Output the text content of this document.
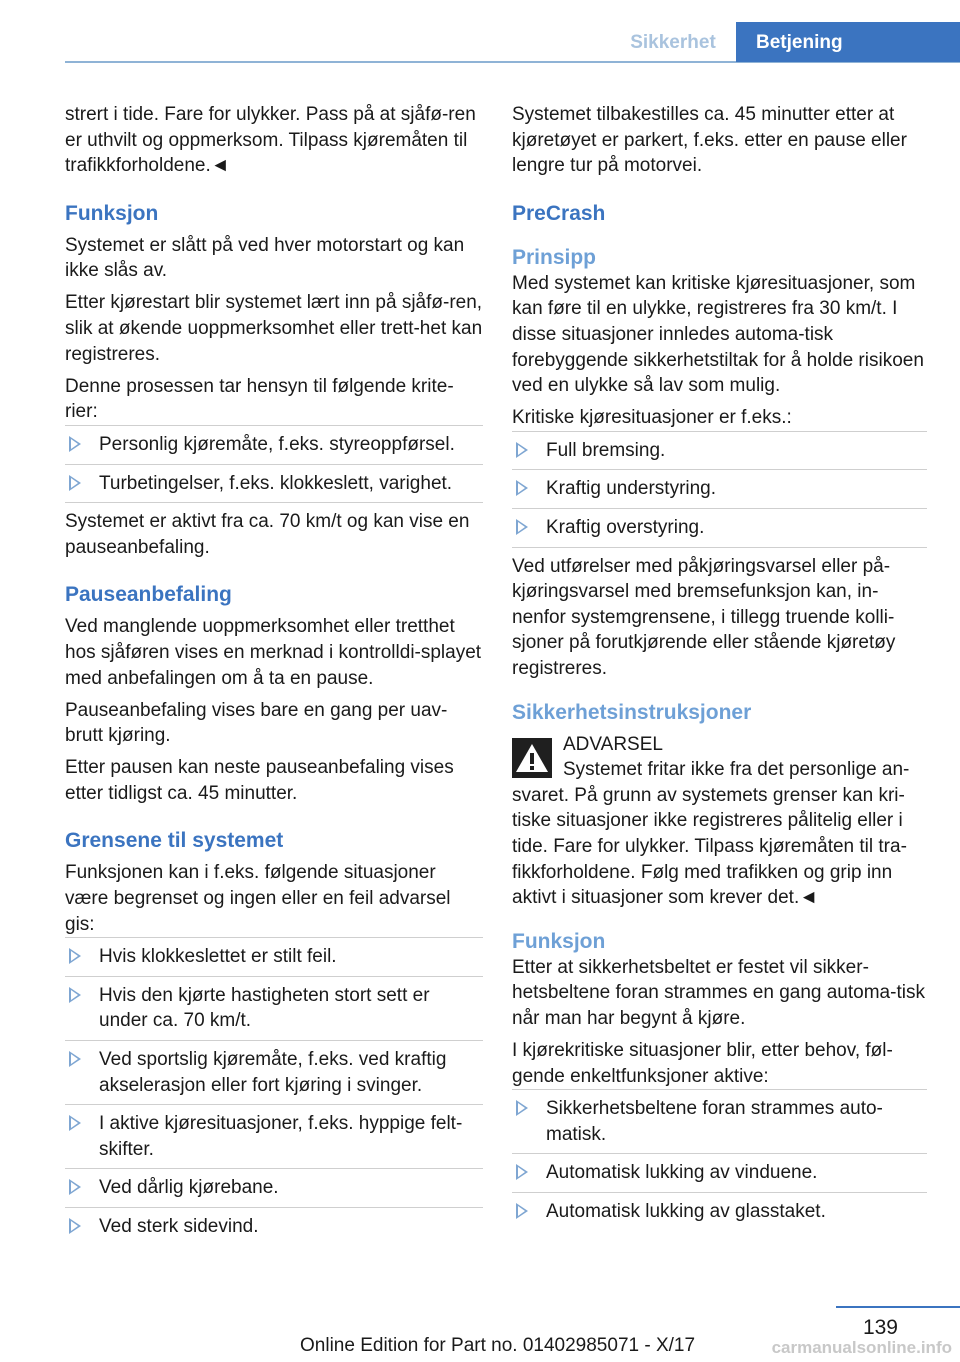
Sikkerhet	Betjening

strert i tide. Fare for ulykker. Pass på at sjåfø-ren er uthvilt og oppmerksom. Tilpass kjøremåten til trafikkforholdene.◄

Funksjon

Systemet er slått på ved hver motorstart og kan ikke slås av.

Etter kjørestart blir systemet lært inn på sjåfø-ren, slik at økende uoppmerksomhet eller trett-het kan registreres.

Denne prosessen tar hensyn til følgende krite-rier:

Personlig kjøremåte, f.eks. styreoppførsel.
Turbetingelser, f.eks. klokkeslett, varighet.

Systemet er aktivt fra ca. 70 km/t og kan vise en pauseanbefaling.

Pauseanbefaling

Ved manglende uoppmerksomhet eller tretthet hos sjåføren vises en merknad i kontrolldi-splayet med anbefalingen om å ta en pause.

Pauseanbefaling vises bare en gang per uav-brutt kjøring.

Etter pausen kan neste pauseanbefaling vises etter tidligst ca. 45 minutter.

Grensene til systemet

Funksjonen kan i f.eks. følgende situasjoner være begrenset og ingen eller en feil advarsel gis:

Hvis klokkeslettet er stilt feil.
Hvis den kjørte hastigheten stort sett er under ca. 70 km/t.
Ved sportslig kjøremåte, f.eks. ved kraftig akselerasjon eller fort kjøring i svinger.
I aktive kjøresituasjoner, f.eks. hyppige felt-skifter.
Ved dårlig kjørebane.
Ved sterk sidevind.

Systemet tilbakestilles ca. 45 minutter etter at kjøretøyet er parkert, f.eks. etter en pause eller lengre tur på motorvei.

PreCrash
Prinsipp

Med systemet kan kritiske kjøresituasjoner, som kan føre til en ulykke, registreres fra 30 km/t. I disse situasjoner innledes automa-tisk forebyggende sikkerhetstiltak for å holde risikoen ved en ulykke så lav som mulig.

Kritiske kjøresituasjoner er f.eks.:

Full bremsing.
Kraftig understyring.
Kraftig overstyring.

Ved utførelser med påkjøringsvarsel eller på-kjøringsvarsel med bremsefunksjon kan, in-nenfor systemgrensene, i tillegg truende kolli-sjoner på forutkjørende eller stående kjøretøy registreres.

Sikkerhetsinstruksjoner
ADVARSEL
Systemet fritar ikke fra det personlige an-

svaret. På grunn av systemets grenser kan kri-tiske situasjoner ikke registreres pålitelig eller i tide. Fare for ulykker. Tilpass kjøremåten til tra-fikkforholdene. Følg med trafikken og grip inn aktivt i situasjoner som krever det.◄

Funksjon

Etter at sikkerhetsbeltet er festet vil sikker-hetsbeltene foran strammes en gang automa-tisk når man har begynt å kjøre.

I kjørekritiske situasjoner blir, etter behov, føl-gende enkeltfunksjoner aktive:

Sikkerhetsbeltene foran strammes auto-matisk.
Automatisk lukking av vinduene.
Automatisk lukking av glasstaket.
139
Online Edition for Part no. 01402985071 - X/17	carmanualsonline.info
